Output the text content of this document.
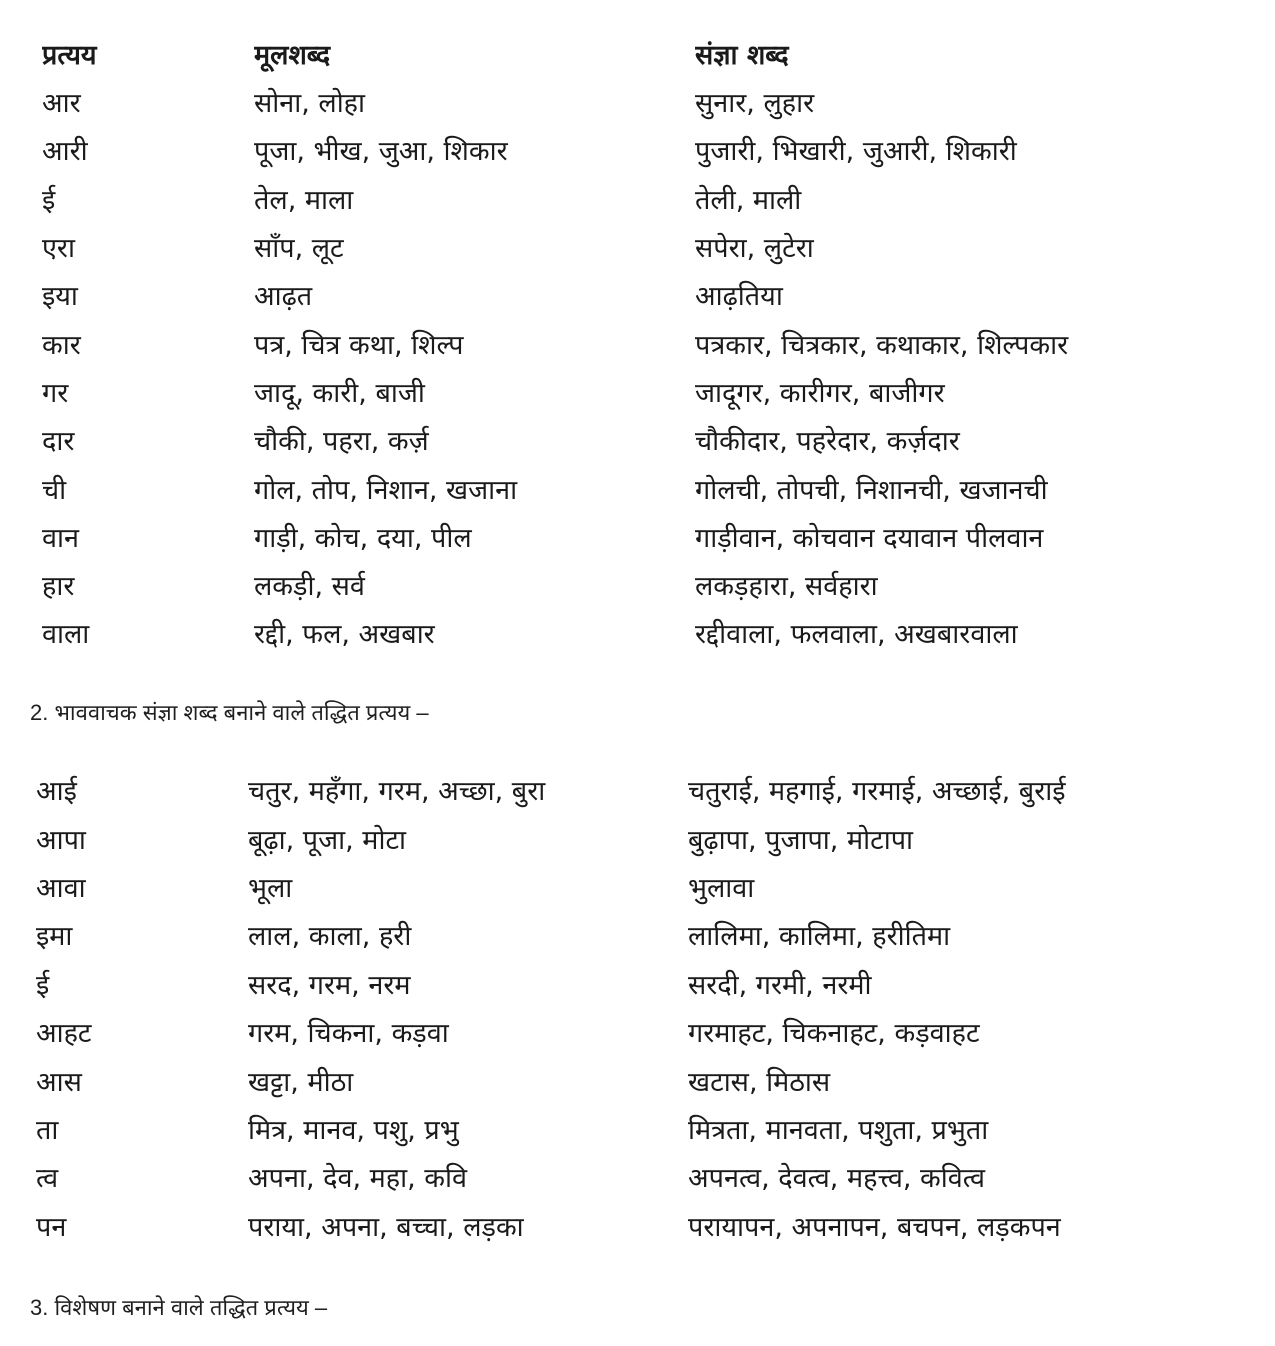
प्रत्यय	मूलशब्द	संज्ञा शब्द
आर	सोना, लोहा	सुनार, लुहार
आरी	पूजा, भीख, जुआ, शिकार	पुजारी, भिखारी, जुआरी, शिकारी
ई	तेल, माला	तेली, माली
एरा	साँप, लूट	सपेरा, लुटेरा
इया	आढ़त	आढ़तिया
कार	पत्र, चित्र कथा, शिल्प	पत्रकार, चित्रकार, कथाकार, शिल्पकार
गर	जादू, कारी, बाजी	जादूगर, कारीगर, बाजीगर
दार	चौकी, पहरा, कर्ज़	चौकीदार, पहरेदार, कर्ज़दार
ची	गोल, तोप, निशान, खजाना	गोलची, तोपची, निशानची, खजानची
वान	गाड़ी, कोच, दया, पील	गाड़ीवान, कोचवान दयावान पीलवान
हार	लकड़ी, सर्व	लकड़हारा, सर्वहारा
वाला	रद्दी, फल, अखबार	रद्दीवाला, फलवाला, अखबारवाला
2. भाववाचक संज्ञा शब्द बनाने वाले तद्धित प्रत्यय –
आई	चतुर, महँगा, गरम, अच्छा, बुरा	चतुराई, महगाई, गरमाई, अच्छाई, बुराई
आपा	बूढ़ा, पूजा, मोटा	बुढ़ापा, पुजापा, मोटापा
आवा	भूला	भुलावा
इमा	लाल, काला, हरी	लालिमा, कालिमा, हरीतिमा
ई	सरद, गरम, नरम	सरदी, गरमी, नरमी
आहट	गरम, चिकना, कड़वा	गरमाहट, चिकनाहट, कड़वाहट
आस	खट्टा, मीठा	खटास, मिठास
ता	मित्र, मानव, पशु, प्रभु	मित्रता, मानवता, पशुता, प्रभुता
त्व	अपना, देव, महा, कवि	अपनत्व, देवत्व, महत्त्व, कवित्व
पन	पराया, अपना, बच्चा, लड़का	परायापन, अपनापन, बचपन, लड़कपन
3. विशेषण बनाने वाले तद्धित प्रत्यय –
